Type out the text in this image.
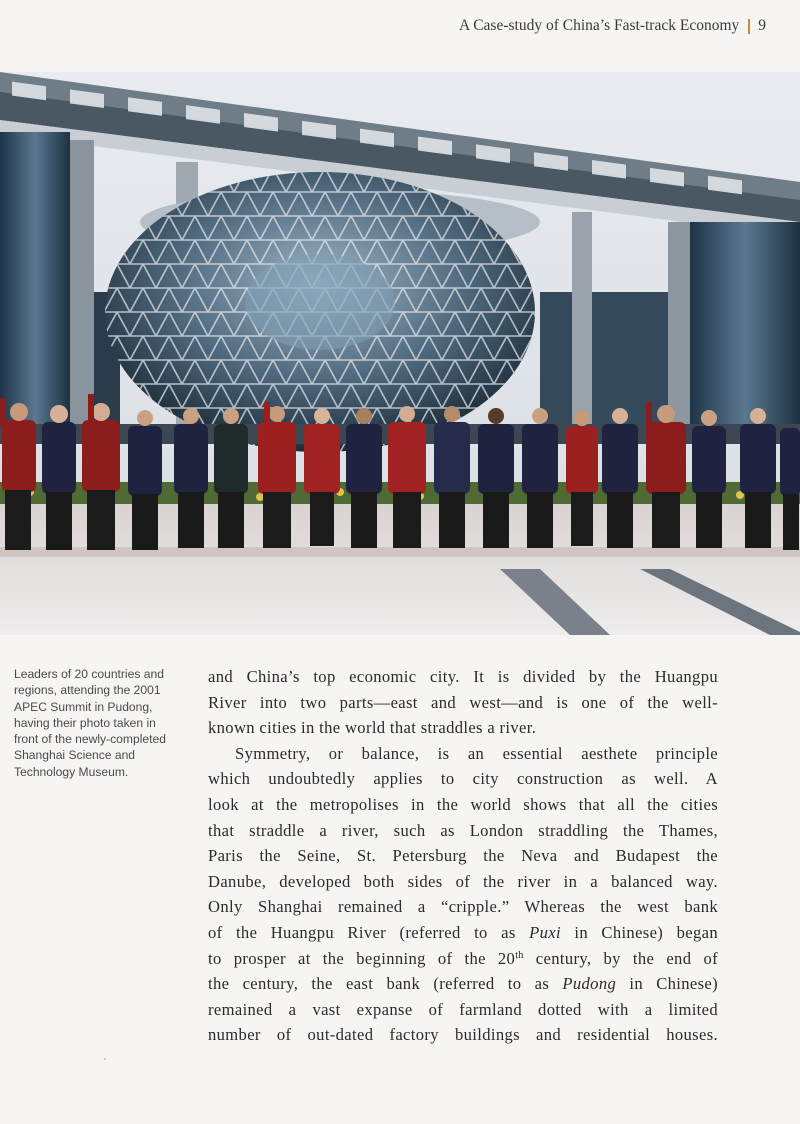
A Case-study of China’s Fast-track Economy 9
Leaders of 20 countries and
regions, attending the 2001
APEC Summit in Pudong,
having their photo taken in
front of the newly-completed
Shanghai Science and
Technology Museum.
and China’s top economic city. It is divided by the Huangpu
River into two parts—east and west—and is one of the well-
known cities in the world that straddles a river.
Symmetry, or balance, is an essential aesthete principle
which undoubtedly applies to city construction as well. A
look at the metropolises in the world shows that all the cities
that straddle a river, such as London straddling the Thames,
Paris the Seine, St. Petersburg the Neva and Budapest the
Danube, developed both sides of the river in a balanced way.
Only Shanghai remained a “cripple.” Whereas the west bank
of the Huangpu River (referred to as Puxi in Chinese) began
to prosper at the beginning of the 20th century, by the end of
the century, the east bank (referred to as Pudong in Chinese)
remained a vast expanse of farmland dotted with a limited
number of out-dated factory buildings and residential houses.
